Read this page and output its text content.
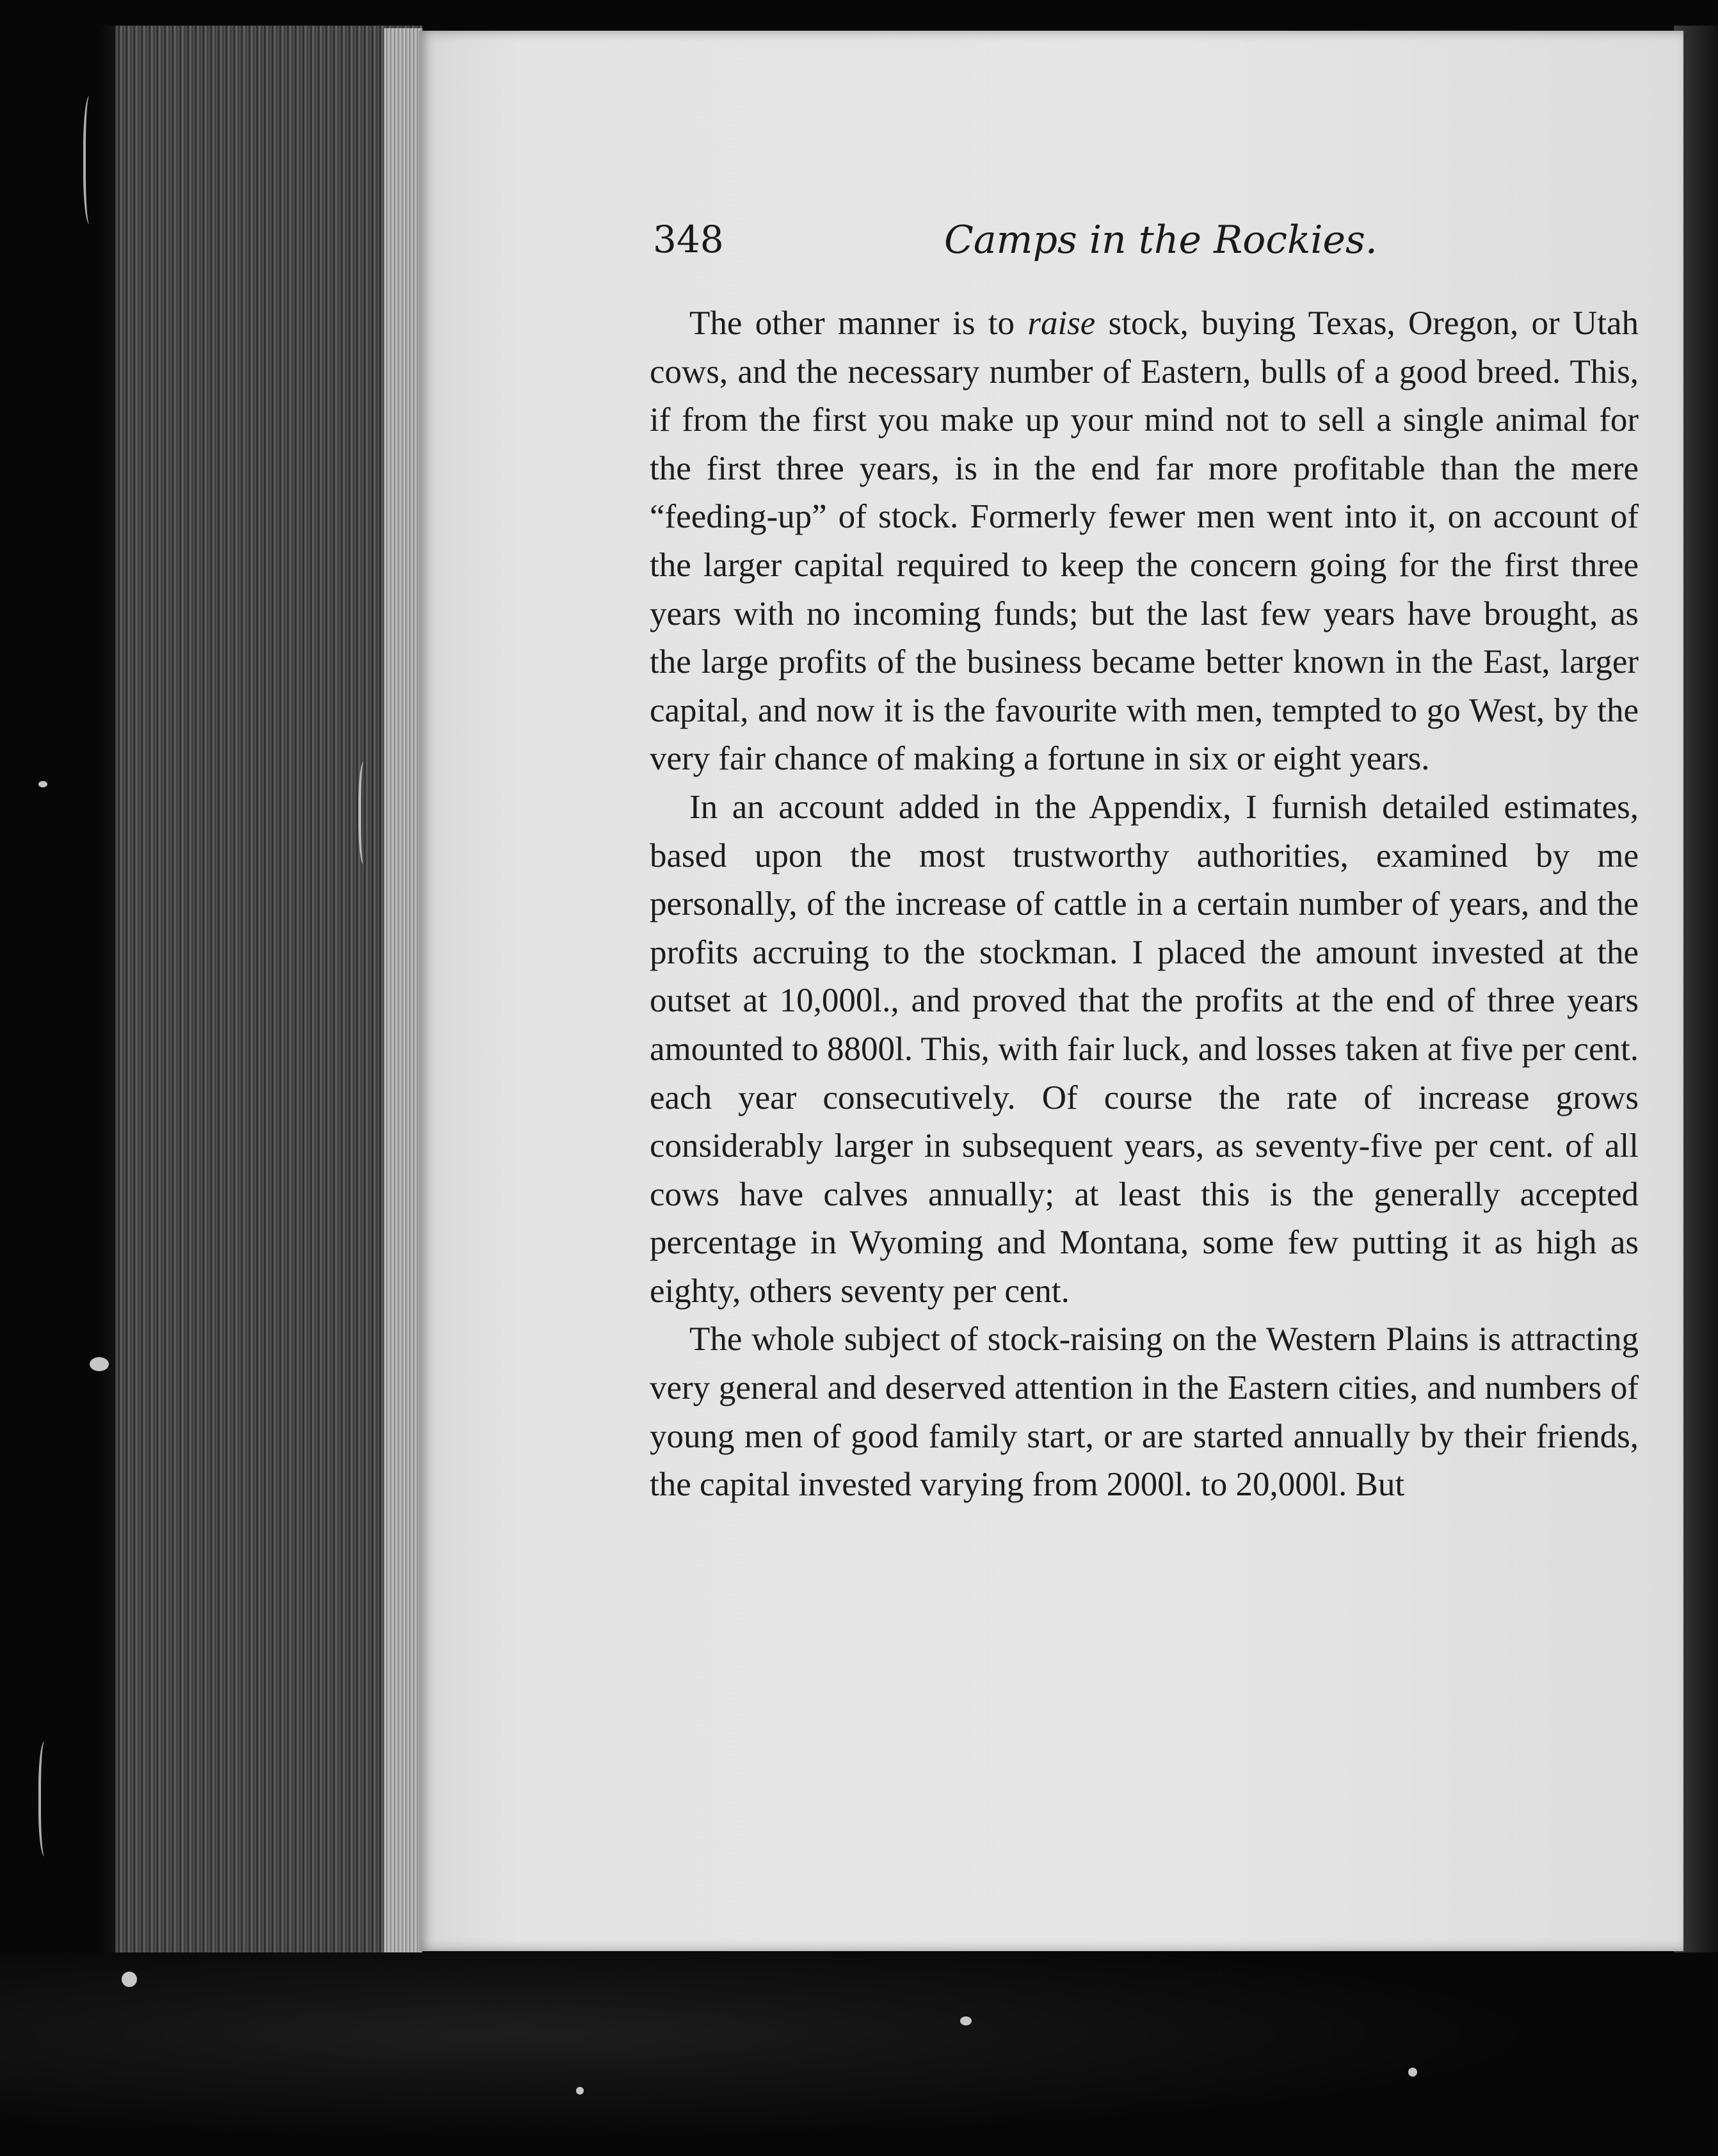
348	Camps in the Rockies.

The other manner is to raise stock, buying Texas, Oregon, or Utah cows, and the necessary number of Eastern, bulls of a good breed. This, if from the first you make up your mind not to sell a single animal for the first three years, is in the end far more profitable than the mere “feeding-up” of stock. Formerly fewer men went into it, on account of the larger capital required to keep the concern going for the first three years with no incoming funds; but the last few years have brought, as the large profits of the business became better known in the East, larger capital, and now it is the favourite with men, tempted to go West, by the very fair chance of making a fortune in six or eight years.

In an account added in the Appendix, I furnish detailed estimates, based upon the most trustworthy authorities, examined by me personally, of the increase of cattle in a certain number of years, and the profits accruing to the stockman. I placed the amount invested at the outset at 10,000l., and proved that the profits at the end of three years amounted to 8800l. This, with fair luck, and losses taken at five per cent. each year consecutively. Of course the rate of increase grows considerably larger in subsequent years, as seventy-five per cent. of all cows have calves annually; at least this is the generally accepted percentage in Wyoming and Montana, some few putting it as high as eighty, others seventy per cent.

The whole subject of stock-raising on the Western Plains is attracting very general and deserved attention in the Eastern cities, and numbers of young men of good family start, or are started annually by their friends, the capital invested varying from 2000l. to 20,000l. But
